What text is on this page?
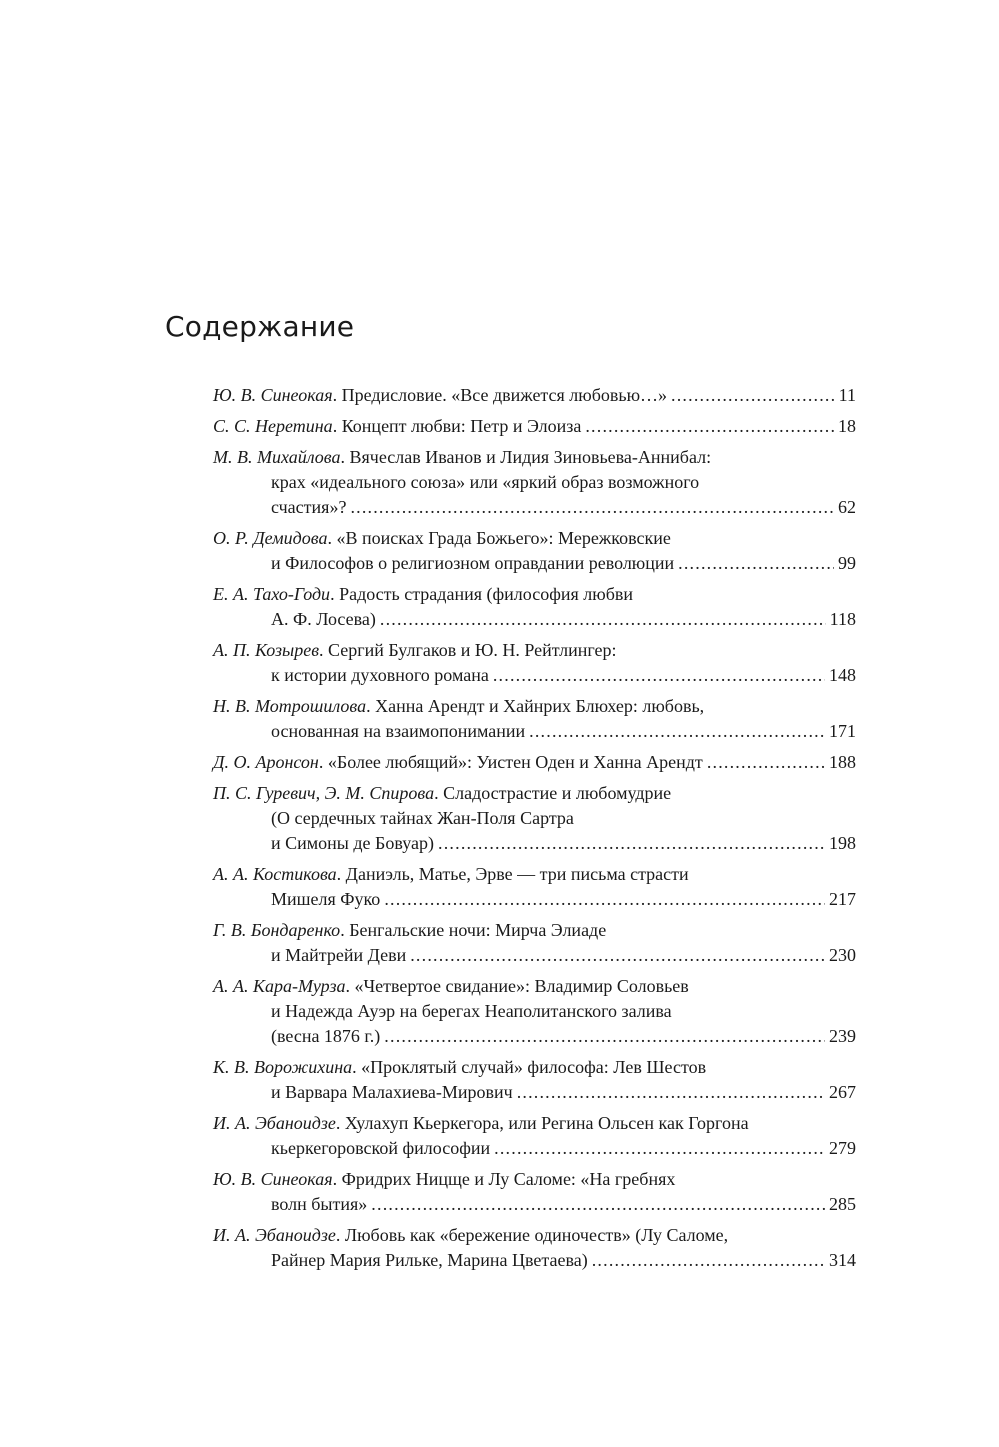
Содержание
Ю. В. Синеокая . Предисловие. «Все движется любовью…» .....	11
С. С. Неретина . Концепт любви: Петр и Элоиза .....	18
М. В. Михайлова . Вячеслав Иванов и Лидия Зиновьева-Аннибал:
крах «идеального союза» или «яркий образ возможного
счастия»? .....	62
О. Р. Демидова . «В поисках Града Божьего»: Мережковские
и Философов о религиозном оправдании революции .....	99
Е. А. Тахо-Годи . Радость страдания (философия любви
А. Ф. Лосева) .....	118
А. П. Козырев . Сергий Булгаков и Ю. Н. Рейтлингер:
к истории духовного романа .....	148
Н. В. Мотрошилова . Ханна Арендт и Хайнрих Блюхер: любовь,
основанная на взаимопонимании .....	171
Д. О. Аронсон . «Более любящий»: Уистен Оден и Ханна Арендт .....	188
П. С. Гуревич, Э. М. Спирова . Сладострастие и любомудрие
(О сердечных тайнах Жан-Поля Сартра
и Симоны де Бовуар) .....	198
А. А. Костикова . Даниэль, Матье, Эрве — три письма страсти
Мишеля Фуко .....	217
Г. В. Бондаренко . Бенгальские ночи: Мирча Элиаде
и Майтрейи Деви .....	230
А. А. Кара-Мурза . «Четвертое свидание»: Владимир Соловьев
и Надежда Ауэр на берегах Неаполитанского залива
(весна 1876 г.) .....	239
К. В. Ворожихина . «Проклятый случай» философа: Лев Шестов
и Варвара Малахиева-Мирович .....	267
И. А. Эбаноидзе . Хулахуп Кьеркегора, или Регина Ольсен как Горгона
кьеркегоровской философии .....	279
Ю. В. Синеокая . Фридрих Ницще и Лу Саломе: «На гребнях
волн бытия» .....	285
И. А. Эбаноидзе . Любовь как «бережение одиночеств» (Лу Саломе,
Райнер Мария Рильке, Марина Цветаева) .....	314
